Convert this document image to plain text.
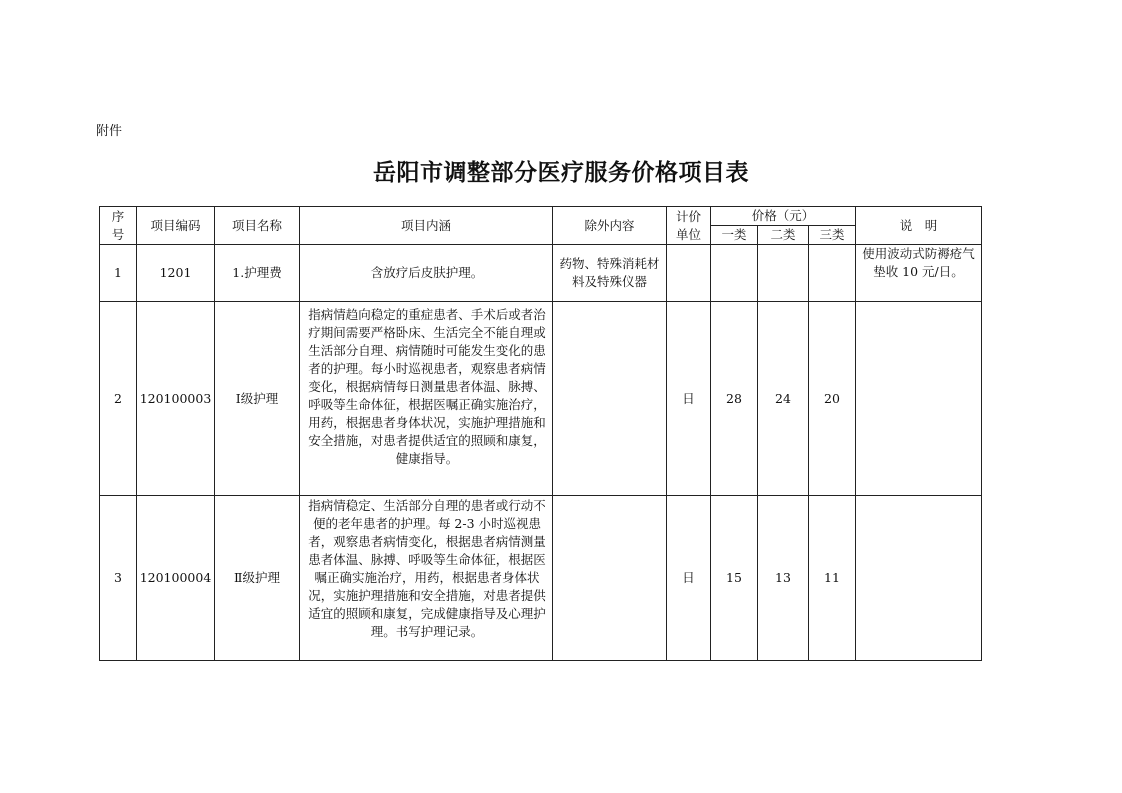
附件
岳阳市调整部分医疗服务价格项目表
序号	项目编码	项目名称	项目内涵	除外内容	计价单位	价格（元）			说　明
						一类	二类	三类	
1	1201	1.护理费	含放疗后皮肤护理。	药物、特殊消耗材料及特殊仪器					使用波动式防褥疮气垫收 10 元/日。
2	120100003	Ⅰ级护理	指病情趋向稳定的重症患者、手术后或者治疗期间需要严格卧床、生活完全不能自理或生活部分自理、病情随时可能发生变化的患者的护理。每小时巡视患者，观察患者病情变化，根据病情每日测量患者体温、脉搏、呼吸等生命体征，根据医嘱正确实施治疗，用药，根据患者身体状况，实施护理措施和安全措施，对患者提供适宜的照顾和康复，健康指导。		日	28	24	20	
3	120100004	Ⅱ级护理	指病情稳定、生活部分自理的患者或行动不便的老年患者的护理。每 2-3 小时巡视患者，观察患者病情变化，根据患者病情测量患者体温、脉搏、呼吸等生命体征，根据医嘱正确实施治疗，用药，根据患者身体状况，实施护理措施和安全措施，对患者提供适宜的照顾和康复，完成健康指导及心理护理。书写护理记录。		日	15	13	11	
